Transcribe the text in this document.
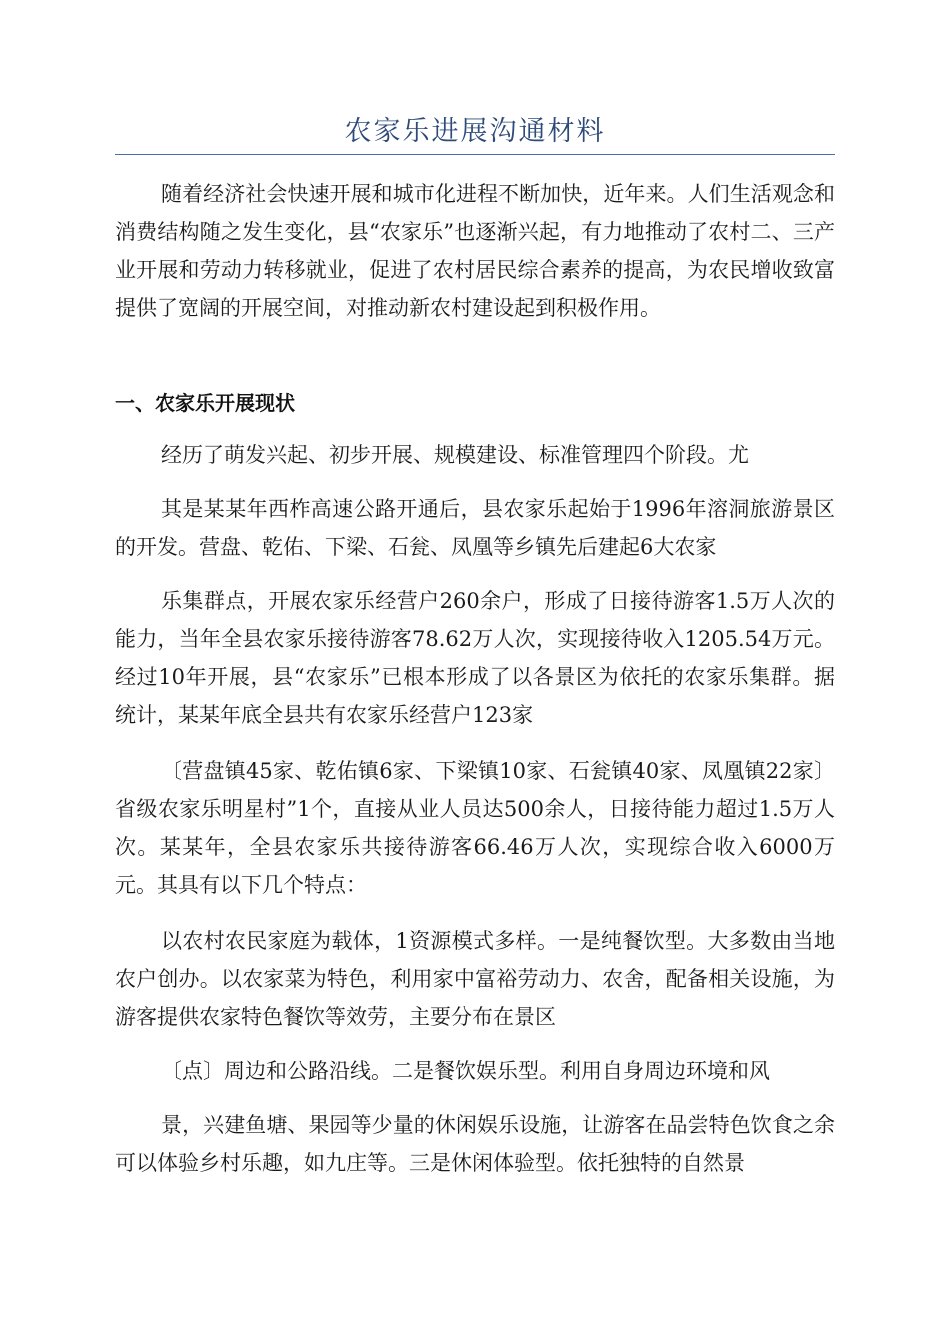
农家乐进展沟通材料

随着经济社会快速开展和城市化进程不断加快，近年来。人们生活观念和消费结构随之发生变化，县“农家乐”也逐渐兴起，有力地推动了农村二、三产业开展和劳动力转移就业，促进了农村居民综合素养的提高，为农民增收致富提供了宽阔的开展空间，对推动新农村建设起到积极作用。

一、农家乐开展现状

经历了萌发兴起、初步开展、规模建设、标准管理四个阶段。尤

其是某某年西柞高速公路开通后，县农家乐起始于1996年溶洞旅游景区的开发。营盘、乾佑、下梁、石瓮、凤凰等乡镇先后建起6大农家

乐集群点，开展农家乐经营户260余户，形成了日接待游客1.5万人次的能力，当年全县农家乐接待游客78.62万人次，实现接待收入1205.54万元。经过10年开展，县“农家乐”已根本形成了以各景区为依托的农家乐集群。据统计，某某年底全县共有农家乐经营户123家

〔营盘镇45家、乾佑镇6家、下梁镇10家、石瓮镇40家、凤凰镇22家〕省级农家乐明星村”1个，直接从业人员达500余人，日接待能力超过1.5万人次。某某年，全县农家乐共接待游客66.46万人次，实现综合收入6000万元。其具有以下几个特点：

以农村农民家庭为载体，1资源模式多样。一是纯餐饮型。大多数由当地农户创办。以农家菜为特色，利用家中富裕劳动力、农舍，配备相关设施，为游客提供农家特色餐饮等效劳，主要分布在景区

〔点〕周边和公路沿线。二是餐饮娱乐型。利用自身周边环境和风

景，兴建鱼塘、果园等少量的休闲娱乐设施，让游客在品尝特色饮食之余可以体验乡村乐趣，如九庄等。三是休闲体验型。依托独特的自然景
